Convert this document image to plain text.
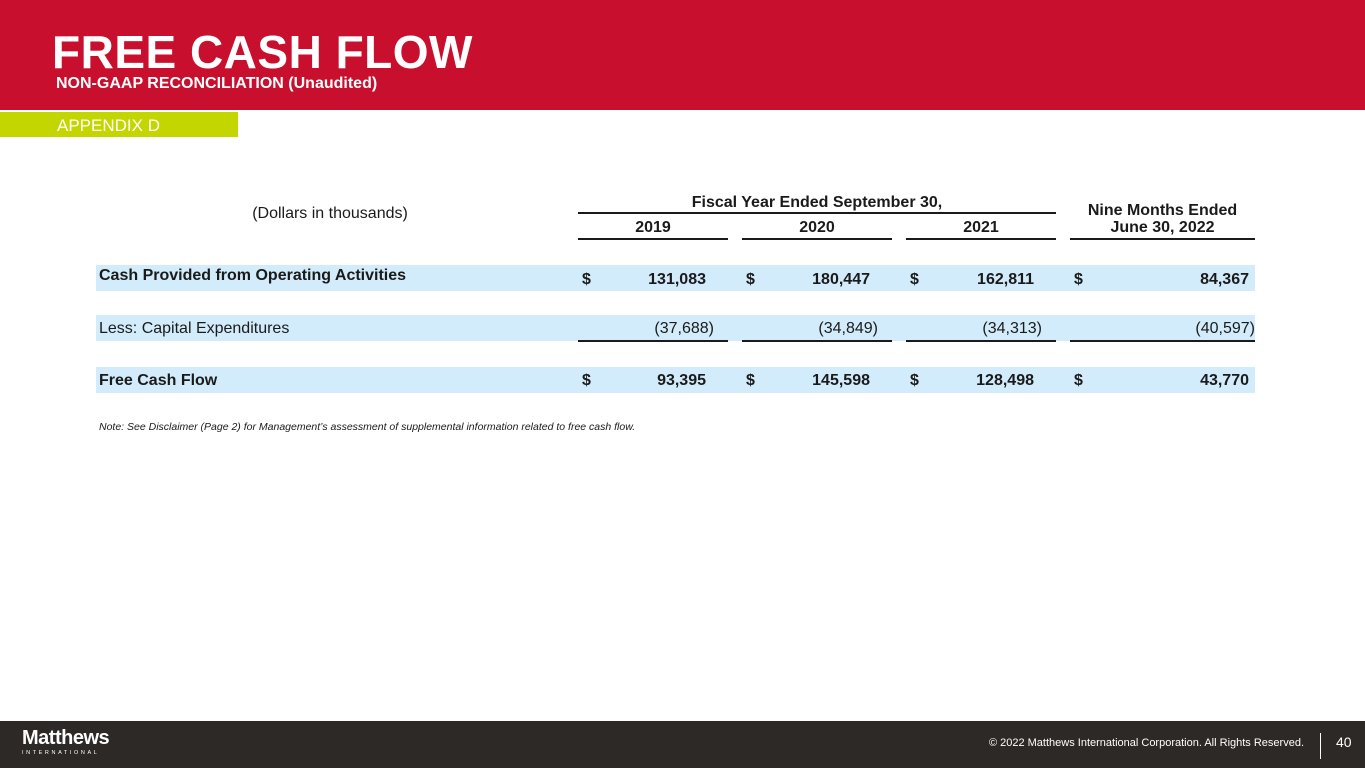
FREE CASH FLOW
NON-GAAP RECONCILIATION (Unaudited)
APPENDIX D
(Dollars in thousands)
Fiscal Year Ended September 30,
2019	2020	2021
Nine Months Ended
June 30, 2022
Cash Provided from Operating Activities	$	131,083	$	180,447	$	162,811	$	84,367
Less: Capital Expenditures	(37,688)	(34,849)	(34,313)	(40,597)
Free Cash Flow	$	93,395	$	145,598	$	128,498	$	43,770
Note: See Disclaimer (Page 2) for Management’s assessment of supplemental information related to free cash flow.
Matthews
INTERNATIONAL
© 2022 Matthews International Corporation. All Rights Reserved. 40
